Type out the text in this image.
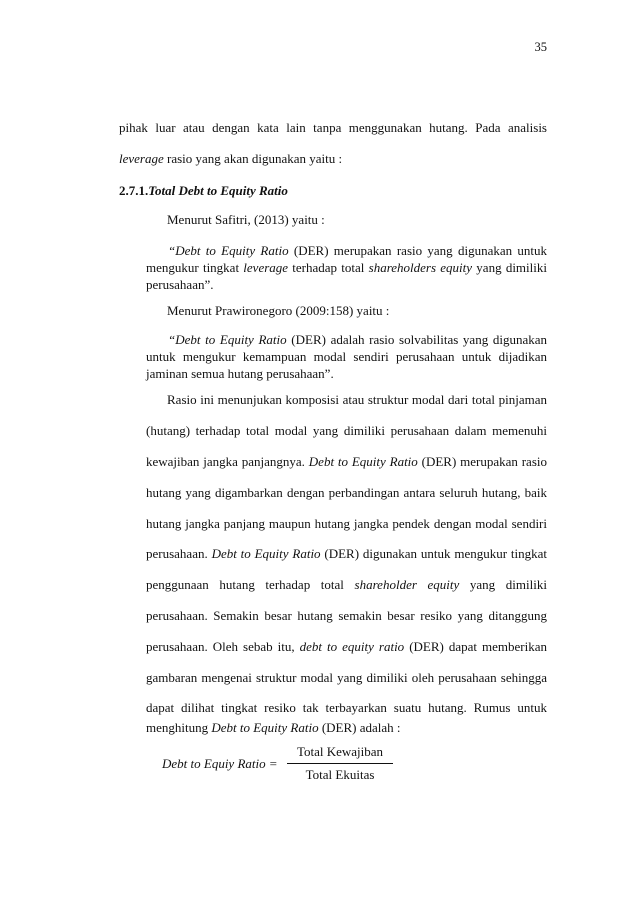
35
pihak luar atau dengan kata lain tanpa menggunakan hutang. Pada analisis
leverage rasio yang akan digunakan yaitu :
2.7.1.Total Debt to Equity Ratio
Menurut Safitri, (2013) yaitu :
“Debt to Equity Ratio (DER) merupakan rasio yang digunakan untuk mengukur tingkat leverage terhadap total shareholders equity yang dimiliki perusahaan”.
Menurut Prawironegoro (2009:158) yaitu :
“Debt to Equity Ratio (DER) adalah rasio solvabilitas yang digunakan untuk mengukur kemampuan modal sendiri perusahaan untuk dijadikan jaminan semua hutang perusahaan”.
Rasio ini menunjukan komposisi atau struktur modal dari total pinjaman
(hutang) terhadap total modal yang dimiliki perusahaan dalam memenuhi
kewajiban jangka panjangnya. Debt to Equity Ratio (DER) merupakan rasio
hutang yang digambarkan dengan perbandingan antara seluruh hutang, baik
hutang jangka panjang maupun hutang jangka pendek dengan modal sendiri
perusahaan. Debt to Equity Ratio (DER) digunakan untuk mengukur tingkat
penggunaan hutang terhadap total shareholder equity yang dimiliki
perusahaan. Semakin besar hutang semakin besar resiko yang ditanggung
perusahaan. Oleh sebab itu, debt to equity ratio (DER) dapat memberikan
gambaran mengenai struktur modal yang dimiliki oleh perusahaan sehingga
dapat dilihat tingkat resiko tak terbayarkan suatu hutang. Rumus untuk
menghitung Debt to Equity Ratio (DER) adalah :
Debt to Equiy Ratio = $\frac{\text{Total Kewajiban}}{\text{Total Ekuitas}}$
